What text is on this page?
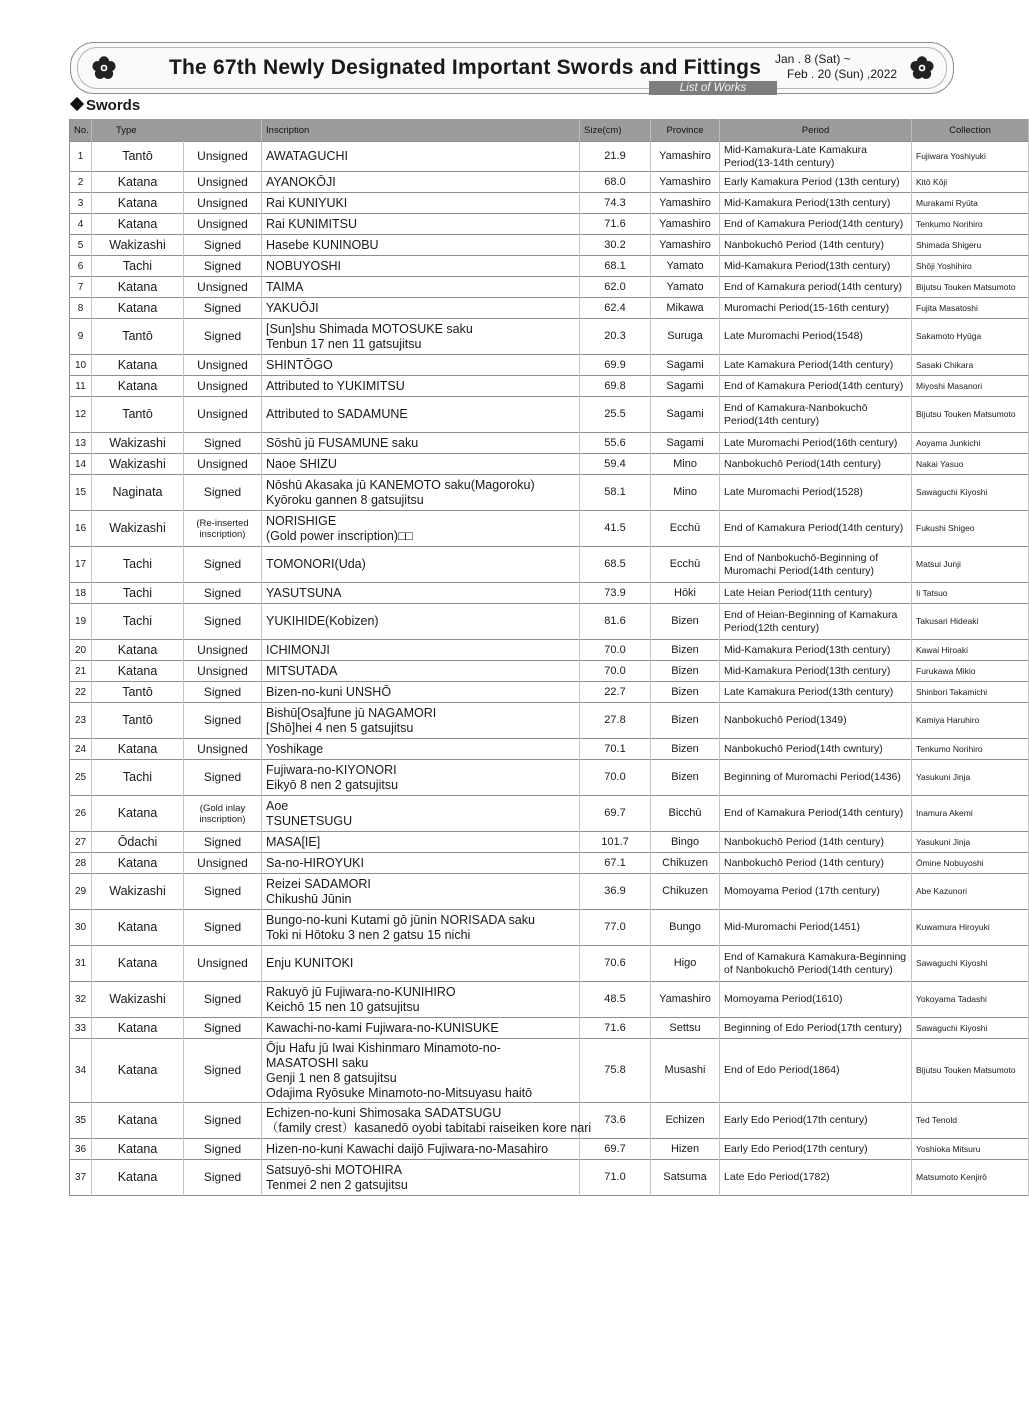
The 67th Newly Designated Important Swords and Fittings Jan . 8 (Sat) ~
Feb . 20 (Sun) ,2022
List of Works
Swords
No.	Type		Inscription	Size(cm)	Province	Period	Collection
1	Tantō	Unsigned	AWATAGUCHI	21.9	Yamashiro	Mid-Kamakura-Late Kamakura
Period(13-14th century)	Fujiwara Yoshiyuki
2	Katana	Unsigned	AYANOKŌJI	68.0	Yamashiro	Early Kamakura Period (13th century)	Kitō Kōji
3	Katana	Unsigned	Rai KUNIYUKI	74.3	Yamashiro	Mid-Kamakura Period(13th century)	Murakami Ryūta
4	Katana	Unsigned	Rai KUNIMITSU	71.6	Yamashiro	End of Kamakura Period(14th century)	Tenkumo Norihiro
5	Wakizashi	Signed	Hasebe KUNINOBU	30.2	Yamashiro	Nanbokuchō Period (14th century)	Shimada Shigeru
6	Tachi	Signed	NOBUYOSHI	68.1	Yamato	Mid-Kamakura Period(13th century)	Shōji Yoshihiro
7	Katana	Unsigned	TAIMA	62.0	Yamato	End of Kamakura period(14th century)	Bijutsu Touken Matsumoto
8	Katana	Signed	YAKUŌJI	62.4	Mikawa	Muromachi Period(15-16th century)	Fujita Masatoshi
9	Tantō	Signed	[Sun]shu Shimada MOTOSUKE saku
Tenbun 17 nen 11 gatsujitsu	20.3	Suruga	Late Muromachi Period(1548)	Sakamoto Hyūga
10	Katana	Unsigned	SHINTŌGO	69.9	Sagami	Late Kamakura Period(14th century)	Sasaki Chikara
11	Katana	Unsigned	Attributed to YUKIMITSU	69.8	Sagami	End of Kamakura Period(14th century)	Miyoshi Masanori
12	Tantō	Unsigned	Attributed to SADAMUNE	25.5	Sagami	End of Kamakura-Nanbokuchō
Period(14th century)	Bijutsu Touken Matsumoto
13	Wakizashi	Signed	Sōshū jū FUSAMUNE saku	55.6	Sagami	Late Muromachi Period(16th century)	Aoyama Junkichi
14	Wakizashi	Unsigned	Naoe SHIZU	59.4	Mino	Nanbokuchō Period(14th century)	Nakai Yasuo
15	Naginata	Signed	Nōshū Akasaka jū KANEMOTO saku(Magoroku)
Kyōroku gannen 8 gatsujitsu	58.1	Mino	Late Muromachi Period(1528)	Sawaguchi Kiyoshi
16	Wakizashi	(Re-inserted
inscription)	NORISHIGE
(Gold power inscription)□□	41.5	Ecchū	End of Kamakura Period(14th century)	Fukushi Shigeo
17	Tachi	Signed	TOMONORI(Uda)	68.5	Ecchū	End of Nanbokuchō-Beginning of
Muromachi Period(14th century)	Matsui Junji
18	Tachi	Signed	YASUTSUNA	73.9	Hōki	Late Heian Period(11th century)	Ii Tatsuo
19	Tachi	Signed	YUKIHIDE(Kobizen)	81.6	Bizen	End of Heian-Beginning of Kamakura
Period(12th century)	Takusari Hideaki
20	Katana	Unsigned	ICHIMONJI	70.0	Bizen	Mid-Kamakura Period(13th century)	Kawai Hiroaki
21	Katana	Unsigned	MITSUTADA	70.0	Bizen	Mid-Kamakura Period(13th century)	Furukawa Mikio
22	Tantō	Signed	Bizen-no-kuni UNSHŌ	22.7	Bizen	Late Kamakura Period(13th century)	Shinbori Takamichi
23	Tantō	Signed	Bishū[Osa]fune jū NAGAMORI
[Shō]hei 4 nen 5 gatsujitsu	27.8	Bizen	Nanbokuchō Period(1349)	Kamiya Haruhiro
24	Katana	Unsigned	Yoshikage	70.1	Bizen	Nanbokuchō Period(14th cwntury)	Tenkumo Norihiro
25	Tachi	Signed	Fujiwara-no-KIYONORI
Eikyō 8 nen 2 gatsujitsu	70.0	Bizen	Beginning of Muromachi Period(1436)	Yasukuni Jinja
26	Katana	(Gold inlay
inscription)	Aoe
TSUNETSUGU	69.7	Bicchū	End of Kamakura Period(14th century)	Inamura Akemi
27	Ōdachi	Signed	MASA[IE]	101.7	Bingo	Nanbokuchō Period (14th century)	Yasukuni Jinja
28	Katana	Unsigned	Sa-no-HIROYUKI	67.1	Chikuzen	Nanbokuchō Period (14th century)	Ōmine Nobuyoshi
29	Wakizashi	Signed	Reizei SADAMORI
Chikushū Jūnin	36.9	Chikuzen	Momoyama Period (17th century)	Abe Kazunori
30	Katana	Signed	Bungo-no-kuni Kutami gō jūnin NORISADA saku
Toki ni Hōtoku 3 nen 2 gatsu 15 nichi	77.0	Bungo	Mid-Muromachi Period(1451)	Kuwamura Hiroyuki
31	Katana	Unsigned	Enju KUNITOKI	70.6	Higo	End of Kamakura Kamakura-Beginning
of Nanbokuchō Period(14th century)	Sawaguchi Kiyoshi
32	Wakizashi	Signed	Rakuyō jū Fujiwara-no-KUNIHIRO
Keichō 15 nen 10 gatsujitsu	48.5	Yamashiro	Momoyama Period(1610)	Yokoyama Tadashi
33	Katana	Signed	Kawachi-no-kami Fujiwara-no-KUNISUKE	71.6	Settsu	Beginning of Edo Period(17th century)	Sawaguchi Kiyoshi
34	Katana	Signed	Ōju Hafu jū Iwai Kishinmaro Minamoto-no-
MASATOSHI saku
Genji 1 nen 8 gatsujitsu
Odajima Ryōsuke Minamoto-no-Mitsuyasu haitō	75.8	Musashi	End of Edo Period(1864)	Bijutsu Touken Matsumoto
35	Katana	Signed	Echizen-no-kuni Shimosaka SADATSUGU
（family crest）kasanedō oyobi tabitabi raiseiken kore nari	73.6	Echizen	Early Edo Period(17th century)	Ted Tenold
36	Katana	Signed	Hizen-no-kuni Kawachi daijō Fujiwara-no-Masahiro	69.7	Hizen	Early Edo Period(17th century)	Yoshioka Mitsuru
37	Katana	Signed	Satsuyō-shi MOTOHIRA
Tenmei 2 nen 2 gatsujitsu	71.0	Satsuma	Late Edo Period(1782)	Matsumoto Kenjirō
